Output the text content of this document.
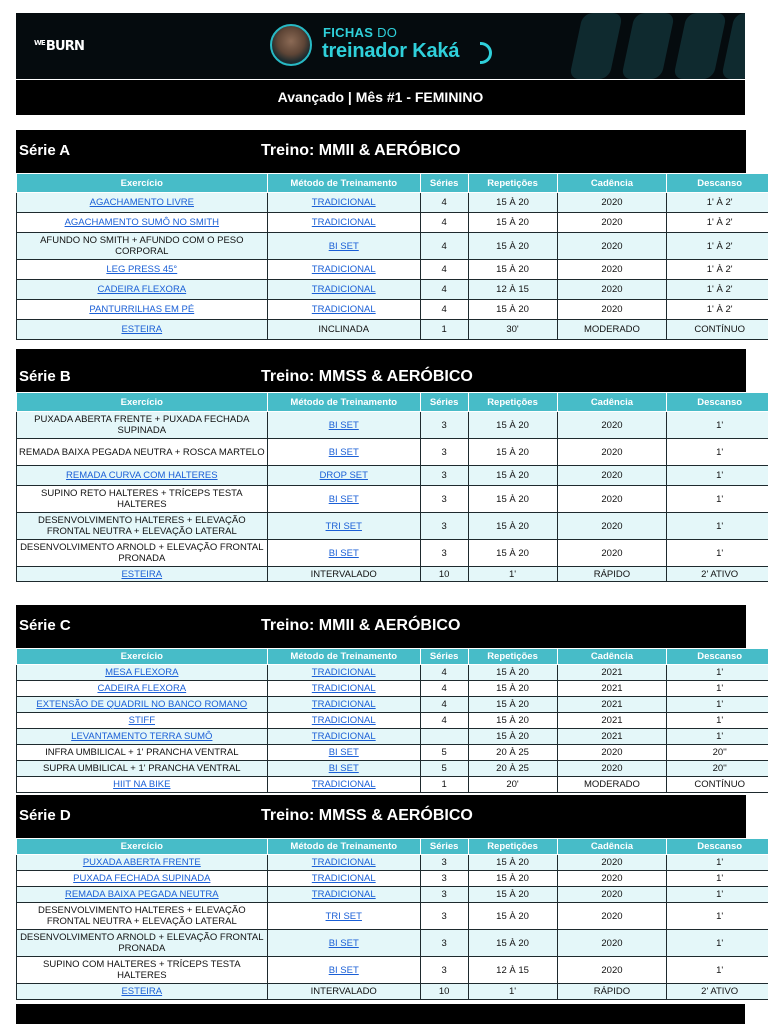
$^{WE}$BURN
FICHAS DO
treinador Kaká
Avançado | Mês #1 - FEMININO
Série A	Treino: MMII & AERÓBICO
Exercício	Método de Treinamento	Séries	Repetições	Cadência	Descanso
AGACHAMENTO LIVRE	TRADICIONAL	4	15 À 20	2020	1' À 2'
AGACHAMENTO SUMÔ NO SMITH	TRADICIONAL	4	15 À 20	2020	1' À 2'
AFUNDO NO SMITH + AFUNDO COM O PESO CORPORAL	BI SET	4	15 À 20	2020	1' À 2'
LEG PRESS 45°	TRADICIONAL	4	15 À 20	2020	1' À 2'
CADEIRA FLEXORA	TRADICIONAL	4	12 À 15	2020	1' À 2'
PANTURRILHAS EM PÉ	TRADICIONAL	4	15 À 20	2020	1' À 2'
ESTEIRA	INCLINADA	1	30'	MODERADO	CONTÍNUO
Série B	Treino: MMSS & AERÓBICO
Exercício	Método de Treinamento	Séries	Repetições	Cadência	Descanso
PUXADA ABERTA FRENTE + PUXADA FECHADA SUPINADA	BI SET	3	15 À 20	2020	1'
REMADA BAIXA PEGADA NEUTRA + ROSCA MARTELO	BI SET	3	15 À 20	2020	1'
REMADA CURVA COM HALTERES	DROP SET	3	15 À 20	2020	1'
SUPINO RETO HALTERES + TRÍCEPS TESTA HALTERES	BI SET	3	15 À 20	2020	1'
DESENVOLVIMENTO HALTERES + ELEVAÇÃO FRONTAL NEUTRA + ELEVAÇÃO LATERAL	TRI SET	3	15 À 20	2020	1'
DESENVOLVIMENTO ARNOLD + ELEVAÇÃO FRONTAL PRONADA	BI SET	3	15 À 20	2020	1'
ESTEIRA	INTERVALADO	10	1'	RÁPIDO	2' ATIVO
Série C	Treino: MMII & AERÓBICO
Exercício	Método de Treinamento	Séries	Repetições	Cadência	Descanso
MESA FLEXORA	TRADICIONAL	4	15 À 20	2021	1'
CADEIRA FLEXORA	TRADICIONAL	4	15 À 20	2021	1'
EXTENSÃO DE QUADRIL NO BANCO ROMANO	TRADICIONAL	4	15 À 20	2021	1'
STIFF	TRADICIONAL	4	15 À 20	2021	1'
LEVANTAMENTO TERRA SUMÔ	TRADICIONAL		15 À 20	2021	1'
INFRA UMBILICAL + 1' PRANCHA VENTRAL	BI SET	5	20 À 25	2020	20''
SUPRA UMBILICAL + 1' PRANCHA VENTRAL	BI SET	5	20 À 25	2020	20''
HIIT NA BIKE	TRADICIONAL	1	20'	MODERADO	CONTÍNUO
Série D	Treino: MMSS & AERÓBICO
Exercício	Método de Treinamento	Séries	Repetições	Cadência	Descanso
PUXADA ABERTA FRENTE	TRADICIONAL	3	15 À 20	2020	1'
PUXADA FECHADA SUPINADA	TRADICIONAL	3	15 À 20	2020	1'
REMADA BAIXA PEGADA NEUTRA	TRADICIONAL	3	15 À 20	2020	1'
DESENVOLVIMENTO HALTERES + ELEVAÇÃO FRONTAL NEUTRA + ELEVAÇÃO LATERAL	TRI SET	3	15 À 20	2020	1'
DESENVOLVIMENTO ARNOLD + ELEVAÇÃO FRONTAL PRONADA	BI SET	3	15 À 20	2020	1'
SUPINO COM HALTERES + TRÍCEPS TESTA HALTERES	BI SET	3	12 À 15	2020	1'
ESTEIRA	INTERVALADO	10	1'	RÁPIDO	2' ATIVO
